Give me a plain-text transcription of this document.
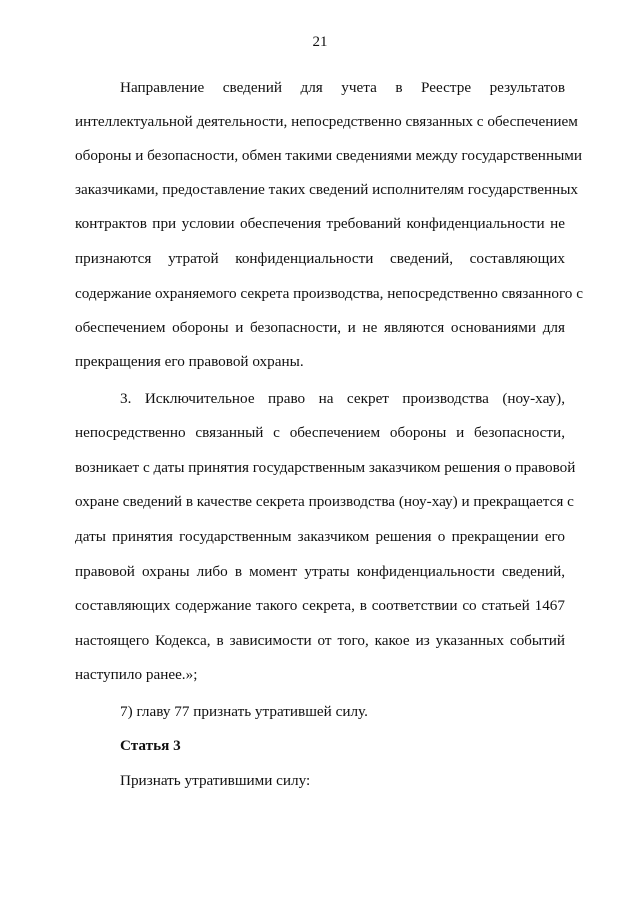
21
Направление сведений для учета в Реестре результатов
интеллектуальной деятельности, непосредственно связанных с обеспечением
обороны и безопасности, обмен такими сведениями между государственными
заказчиками, предоставление таких сведений исполнителям государственных
контрактов при условии обеспечения требований конфиденциальности не
признаются утратой конфиденциальности сведений, составляющих
содержание охраняемого секрета производства, непосредственно связанного с
обеспечением обороны и безопасности, и не являются основаниями для
прекращения его правовой охраны.
3. Исключительное право на секрет производства (ноу-хау),
непосредственно связанный с обеспечением обороны и безопасности,
возникает с даты принятия государственным заказчиком решения о правовой
охране сведений в качестве секрета производства (ноу-хау) и прекращается с
даты принятия государственным заказчиком решения о прекращении его
правовой охраны либо в момент утраты конфиденциальности сведений,
составляющих содержание такого секрета, в соответствии со статьей 1467
настоящего Кодекса, в зависимости от того, какое из указанных событий
наступило ранее.»;
7) главу 77 признать утратившей силу.
Статья 3
Признать утратившими силу:
